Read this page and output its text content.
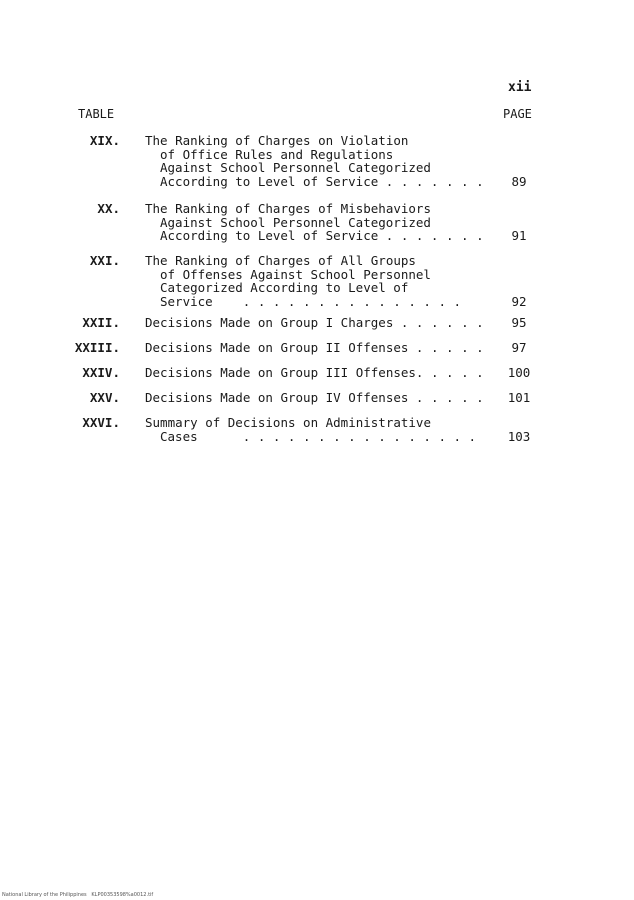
xii
TABLE	PAGE
XIX. The Ranking of Charges on Violation
of Office Rules and Regulations
Against School Personnel Categorized
According to Level of Service . . . . . . .	89
XX. The Ranking of Charges of Misbehaviors
Against School Personnel Categorized
According to Level of Service . . . . . . .	91
XXI. The Ranking of Charges of All Groups
of Offenses Against School Personnel
Categorized According to Level of
Service    . . . . . . . . . . . . . . .	92
XXII. Decisions Made on Group I Charges . . . . . .	95
XXIII. Decisions Made on Group II Offenses . . . . .	97
XXIV. Decisions Made on Group III Offenses. . . . .	100
XXV. Decisions Made on Group IV Offenses . . . . .	101
XXVI. Summary of Decisions on Administrative
Cases      . . . . . . . . . . . . . . . .	103
National Library of the Philippines   KLP00353598%a0012.tif
